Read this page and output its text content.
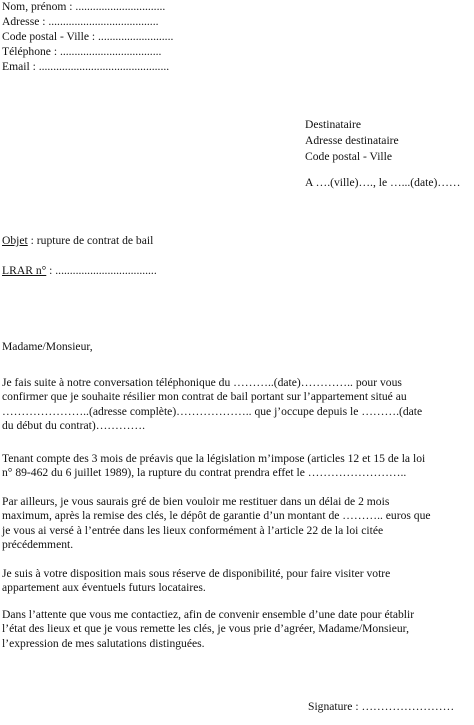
Nom, prénom : ...............................
Adresse : ......................................
Code postal - Ville : ..........................
Téléphone : ...................................
Email : .............................................
Destinataire
Adresse destinataire
Code postal - Ville
A ….(ville)…., le …...(date)……
Objet : rupture de contrat de bail
LRAR n° : ...................................
Madame/Monsieur,
Je fais suite à notre conversation téléphonique du ………..(date)………….. pour vous
confirmer que je souhaite résilier mon contrat de bail portant sur l’appartement situé au
…………………..(adresse complète)……………….. que j’occupe depuis le ……….(date
du début du contrat)………….
Tenant compte des 3 mois de préavis que la législation m’impose (articles 12 et 15 de la loi
n° 89-462 du 6 juillet 1989), la rupture du contrat prendra effet le ……………………..
Par ailleurs, je vous saurais gré de bien vouloir me restituer dans un délai de 2 mois
maximum, après la remise des clés, le dépôt de garantie d’un montant de ……….. euros que
je vous ai versé à l’entrée dans les lieux conformément à l’article 22 de la loi citée
précédemment.
Je suis à votre disposition mais sous réserve de disponibilité, pour faire visiter votre
appartement aux éventuels futurs locataires.
Dans l’attente que vous me contactiez, afin de convenir ensemble d’une date pour établir
l’état des lieux et que je vous remette les clés, je vous prie d’agréer, Madame/Monsieur,
l’expression de mes salutations distinguées.
Signature : ……………………
